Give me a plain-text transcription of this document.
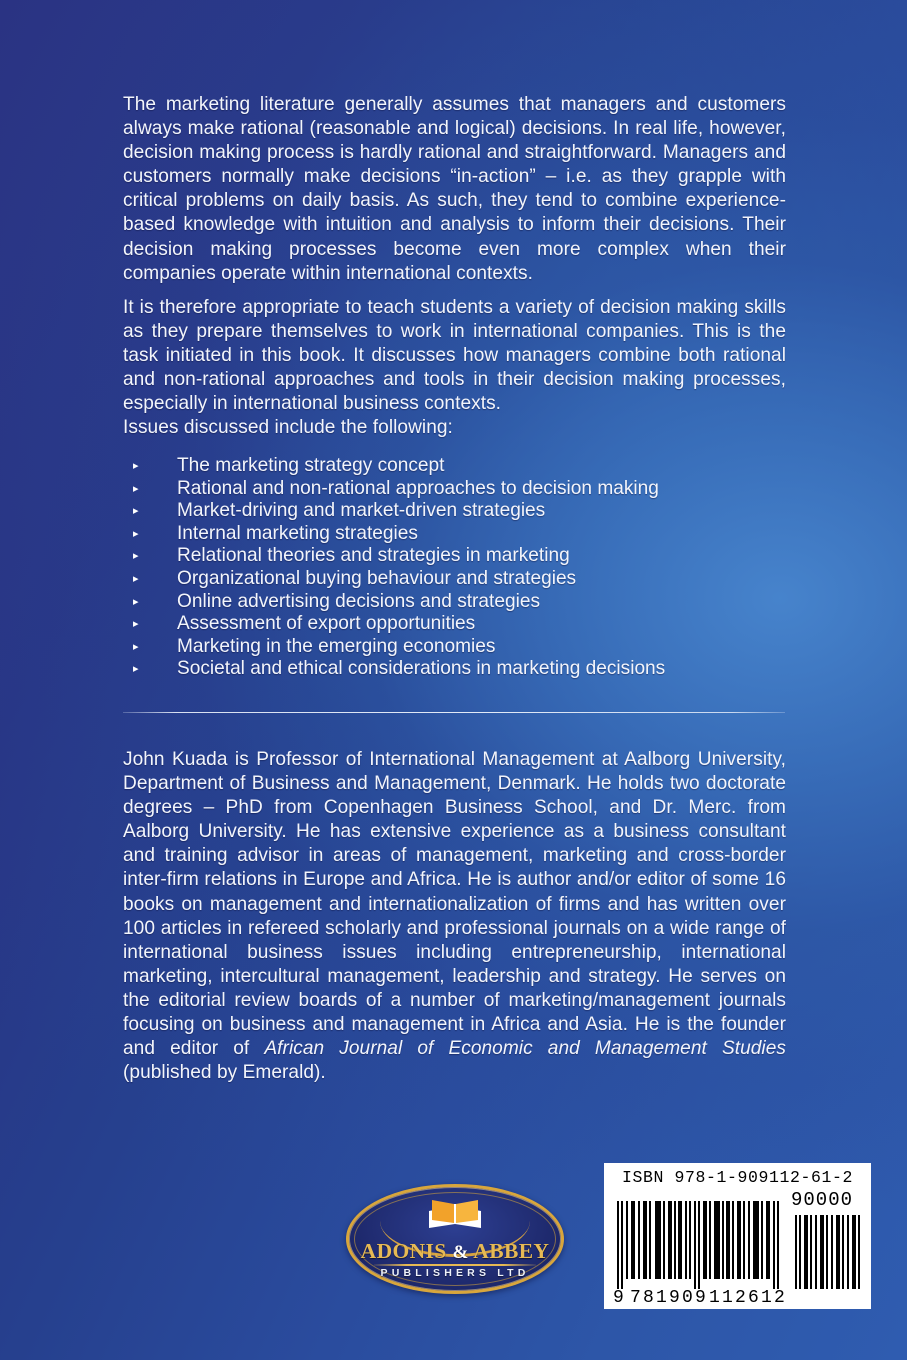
The marketing literature generally assumes that managers and customers always make rational (reasonable and logical) decisions. In real life, however, decision making process is hardly rational and straightforward. Managers and customers normally make decisions “in-action” – i.e. as they grapple with critical problems on daily basis. As such, they tend to combine experience-based knowledge with intuition and analysis to inform their decisions. Their decision making processes become even more complex when their companies operate within international contexts.

It is therefore appropriate to teach students a variety of decision making skills as they prepare themselves to work in international companies. This is the task initiated in this book. It discusses how managers combine both rational and non-rational approaches and tools in their decision making processes, especially in international business contexts.
Issues discussed include the following:

▸ The marketing strategy concept
▸ Rational and non-rational approaches to decision making
▸ Market-driving and market-driven strategies
▸ Internal marketing strategies
▸ Relational theories and strategies in marketing
▸ Organizational buying behaviour and strategies
▸ Online advertising decisions and strategies
▸ Assessment of export opportunities
▸ Marketing in the emerging economies
▸ Societal and ethical considerations in marketing decisions

John Kuada is Professor of International Management at Aalborg University, Department of Business and Management, Denmark. He holds two doctorate degrees – PhD from Copenhagen Business School, and Dr. Merc. from Aalborg University. He has extensive experience as a business consultant and training advisor in areas of management, marketing and cross-border inter-firm relations in Europe and Africa. He is author and/or editor of some 16 books on management and internationalization of firms and has written over 100 articles in refereed scholarly and professional journals on a wide range of international business issues including entrepreneurship, international marketing, intercultural management, leadership and strategy. He serves on the editorial review boards of a number of marketing/management journals focusing on business and management in Africa and Asia. He is the founder and editor of African Journal of Economic and Management Studies (published by Emerald).

ADONIS & ABBEY
PUBLISHERS LTD
ISBN 978-1-909112-61-2
90000
9 781909 112612
